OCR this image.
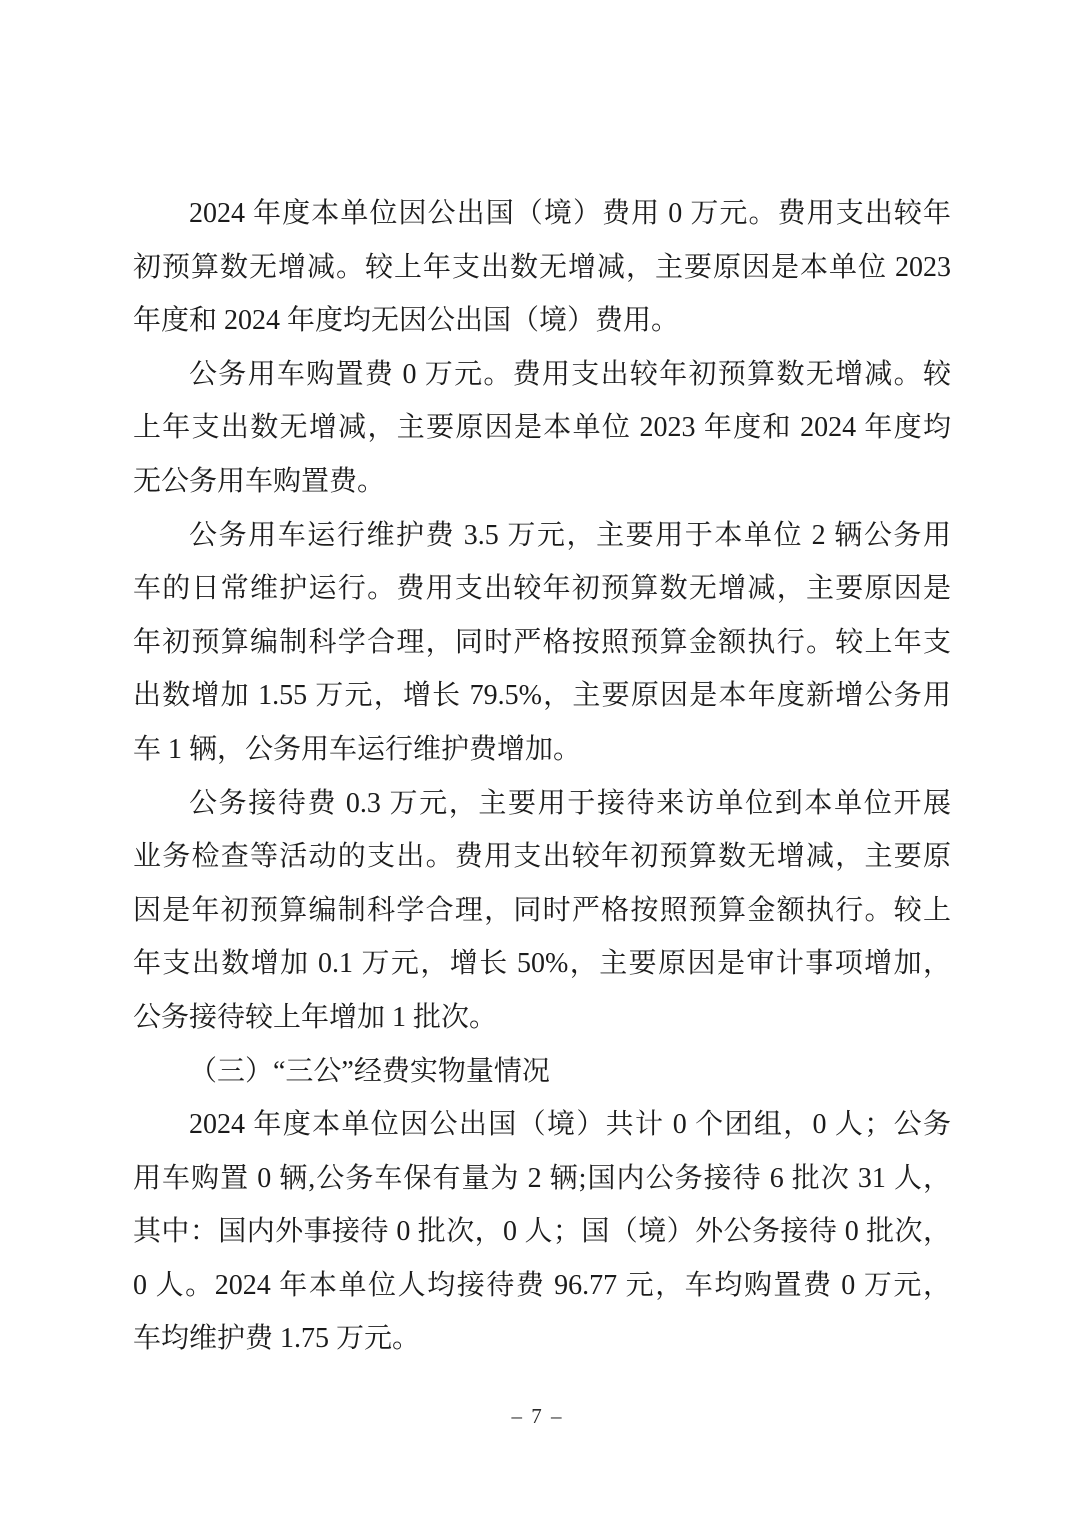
2024 年度本单位因公出国（境）费用 0 万元。费用支出较年
初预算数无增减。较上年支出数无增减，主要原因是本单位 2023
年度和 2024 年度均无因公出国（境）费用。
公务用车购置费 0 万元。费用支出较年初预算数无增减。较
上年支出数无增减，主要原因是本单位 2023 年度和 2024 年度均
无公务用车购置费。
公务用车运行维护费 3.5 万元，主要用于本单位 2 辆公务用
车的日常维护运行。费用支出较年初预算数无增减，主要原因是
年初预算编制科学合理，同时严格按照预算金额执行。较上年支
出数增加 1.55 万元，增长 79.5%，主要原因是本年度新增公务用
车 1 辆，公务用车运行维护费增加。
公务接待费 0.3 万元，主要用于接待来访单位到本单位开展
业务检查等活动的支出。费用支出较年初预算数无增减，主要原
因是年初预算编制科学合理，同时严格按照预算金额执行。较上
年支出数增加 0.1 万元，增长 50%，主要原因是审计事项增加，
公务接待较上年增加 1 批次。
（三）“三公”经费实物量情况
2024 年度本单位因公出国（境）共计 0 个团组，0 人；公务
用车购置 0 辆,公务车保有量为 2 辆;国内公务接待 6 批次 31 人，
其中：国内外事接待 0 批次，0 人；国（境）外公务接待 0 批次，
0 人。2024 年本单位人均接待费 96.77 元，车均购置费 0 万元，
车均维护费 1.75 万元。
– 7 –
